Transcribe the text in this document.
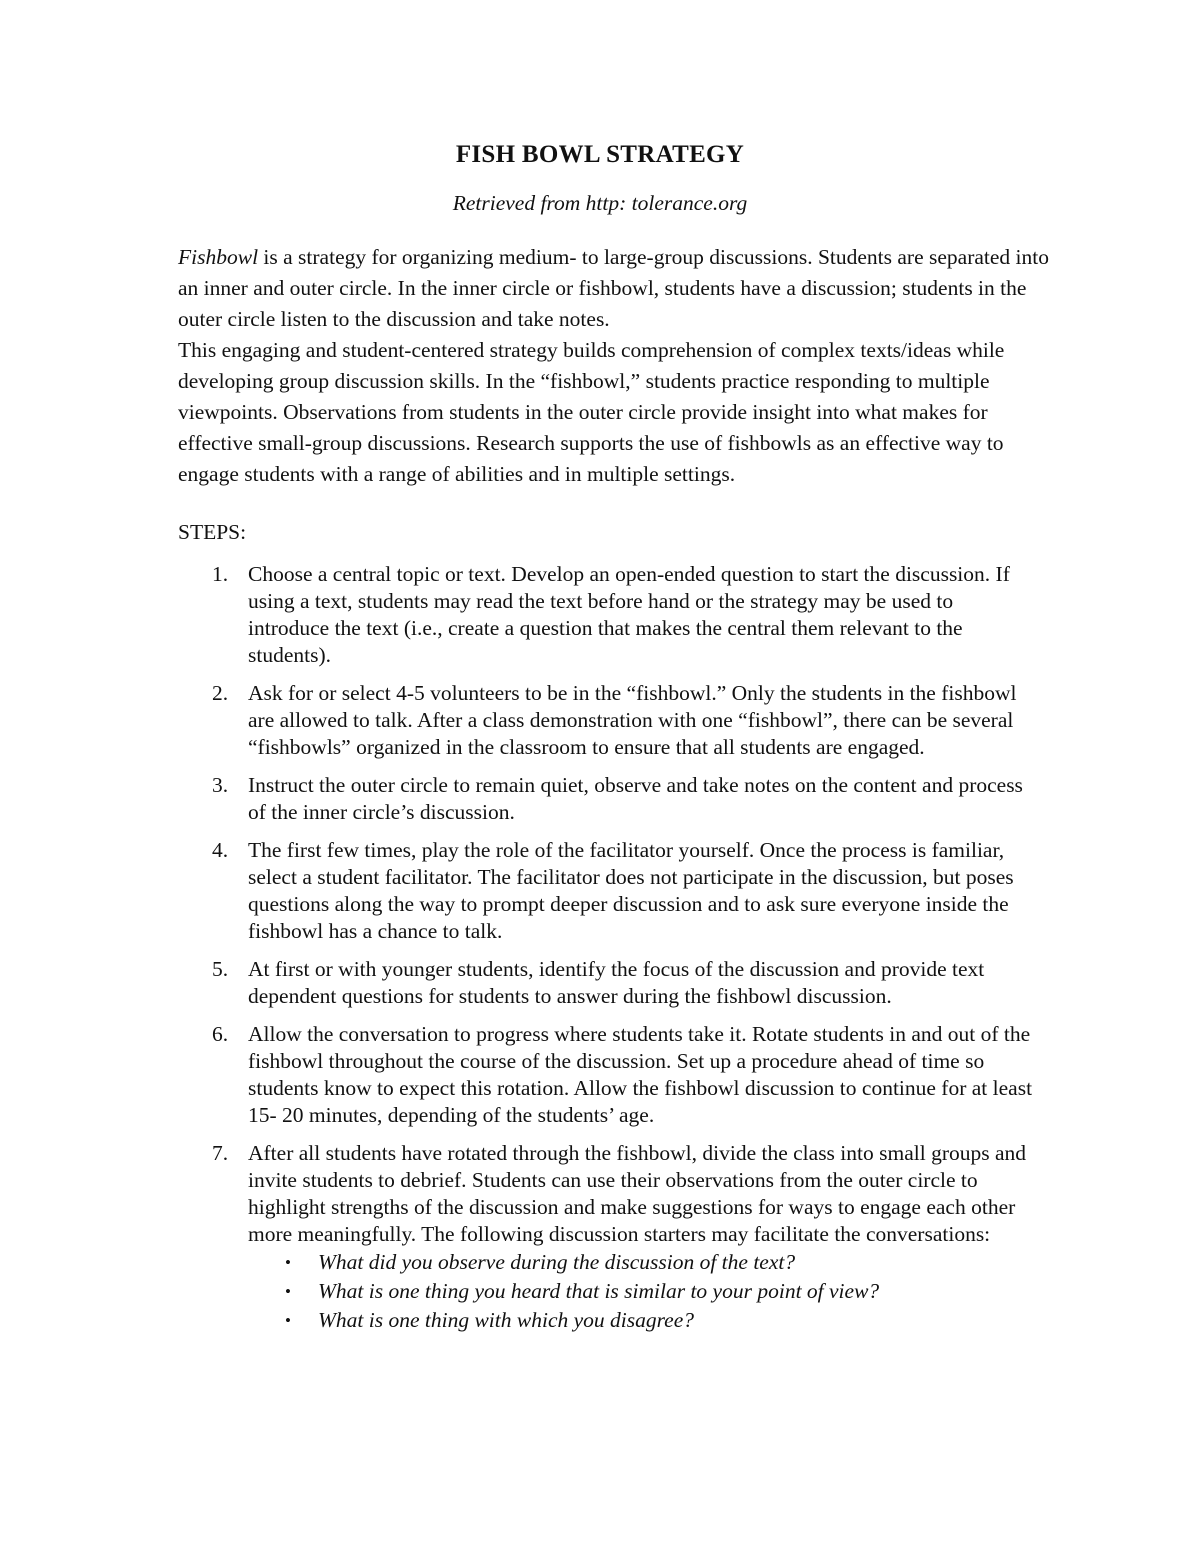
FISH BOWL STRATEGY
Retrieved from http: tolerance.org

Fishbowl is a strategy for organizing medium- to large-group discussions. Students are separated into an inner and outer circle. In the inner circle or fishbowl, students have a discussion; students in the outer circle listen to the discussion and take notes.

This engaging and student-centered strategy builds comprehension of complex texts/ideas while developing group discussion skills. In the “fishbowl,” students practice responding to multiple viewpoints. Observations from students in the outer circle provide insight into what makes for effective small-group discussions. Research supports the use of fishbowls as an effective way to engage students with a range of abilities and in multiple settings.

STEPS:
1. Choose a central topic or text. Develop an open-ended question to start the discussion. If using a text, students may read the text before hand or the strategy may be used to introduce the text (i.e., create a question that makes the central them relevant to the students).
2. Ask for or select 4-5 volunteers to be in the “fishbowl.” Only the students in the fishbowl are allowed to talk. After a class demonstration with one “fishbowl”, there can be several “fishbowls” organized in the classroom to ensure that all students are engaged.
3. Instruct the outer circle to remain quiet, observe and take notes on the content and process of the inner circle’s discussion.
4. The first few times, play the role of the facilitator yourself. Once the process is familiar, select a student facilitator. The facilitator does not participate in the discussion, but poses questions along the way to prompt deeper discussion and to ask sure everyone inside the fishbowl has a chance to talk.
5. At first or with younger students, identify the focus of the discussion and provide text dependent questions for students to answer during the fishbowl discussion.
6. Allow the conversation to progress where students take it. Rotate students in and out of the fishbowl throughout the course of the discussion. Set up a procedure ahead of time so students know to expect this rotation. Allow the fishbowl discussion to continue for at least 15- 20 minutes, depending of the students’ age.
7. After all students have rotated through the fishbowl, divide the class into small groups and invite students to debrief. Students can use their observations from the outer circle to highlight strengths of the discussion and make suggestions for ways to engage each other more meaningfully. The following discussion starters may facilitate the conversations:
• What did you observe during the discussion of the text?
• What is one thing you heard that is similar to your point of view?
• What is one thing with which you disagree?
